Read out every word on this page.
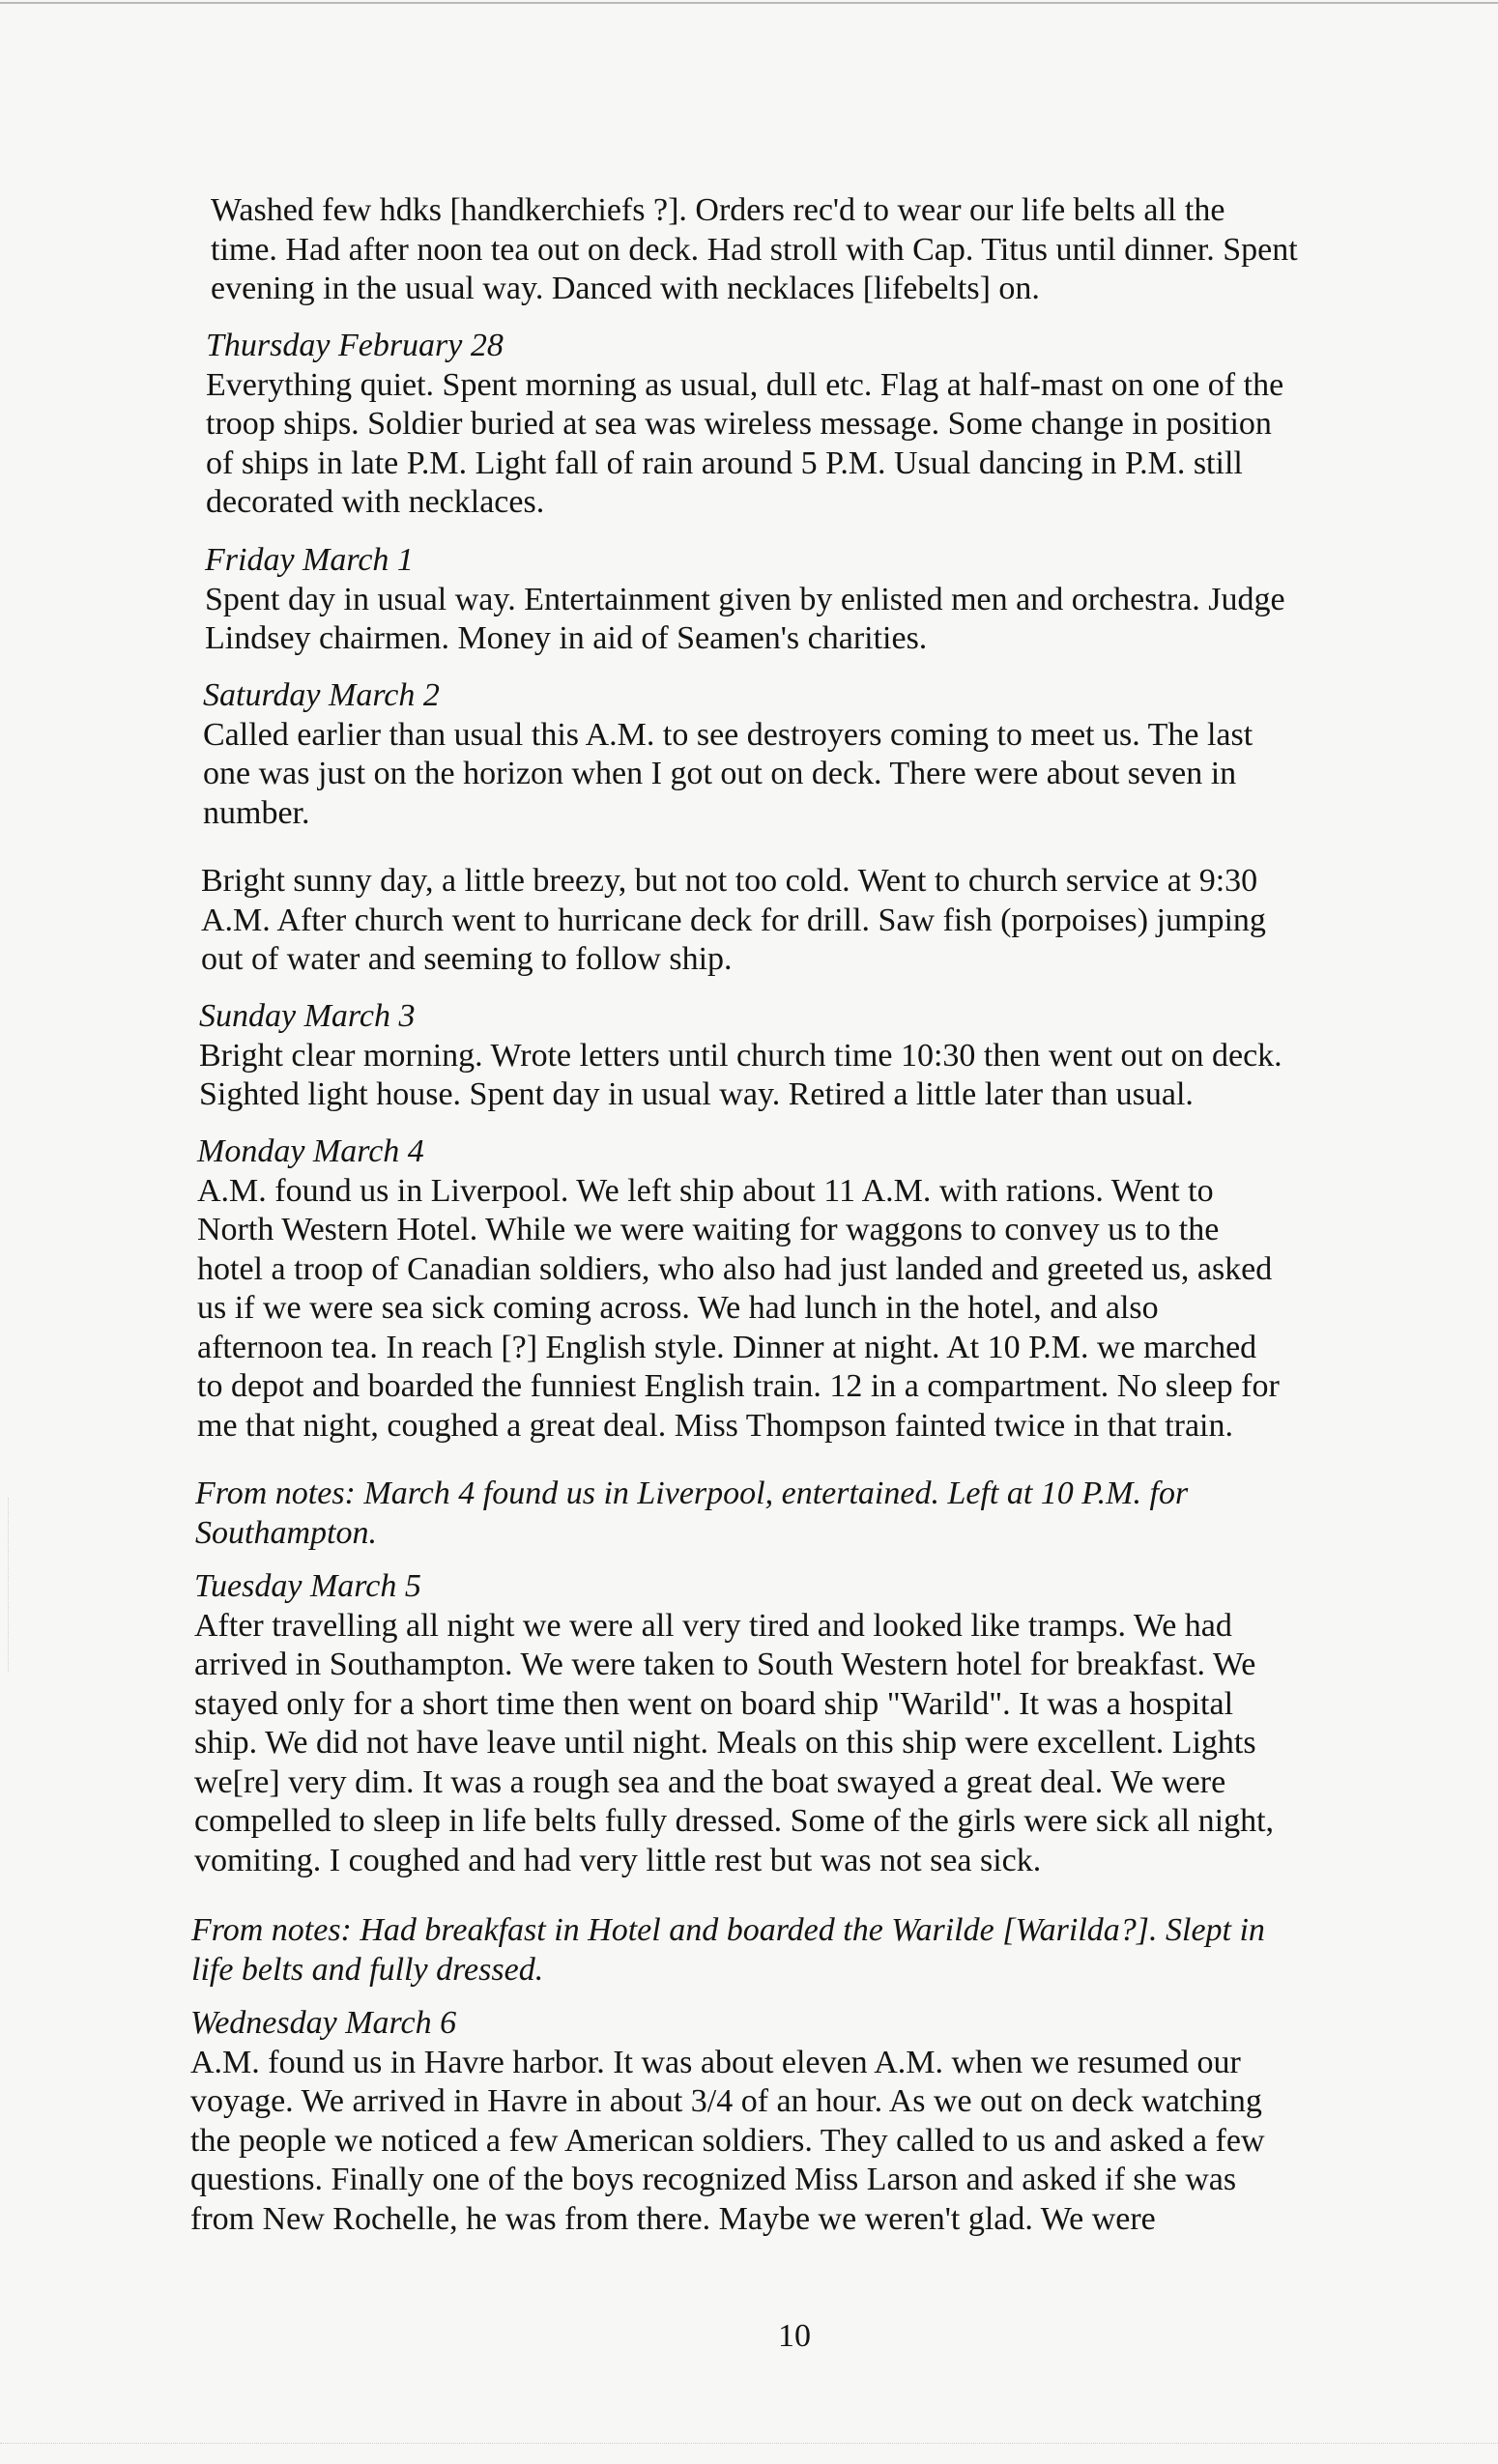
Washed few hdks [handkerchiefs ?]. Orders rec'd to wear our life belts all the
time. Had after noon tea out on deck. Had stroll with Cap. Titus until dinner. Spent
evening in the usual way. Danced with necklaces [lifebelts] on.
Thursday February 28
Everything quiet. Spent morning as usual, dull etc. Flag at half-mast on one of the
troop ships. Soldier buried at sea was wireless message. Some change in position
of ships in late P.M. Light fall of rain around 5 P.M. Usual dancing in P.M. still
decorated with necklaces.
Friday March 1
Spent day in usual way. Entertainment given by enlisted men and orchestra. Judge
Lindsey chairmen. Money in aid of Seamen's charities.
Saturday March 2
Called earlier than usual this A.M. to see destroyers coming to meet us. The last
one was just on the horizon when I got out on deck. There were about seven in
number.
Bright sunny day, a little breezy, but not too cold. Went to church service at 9:30
A.M. After church went to hurricane deck for drill. Saw fish (porpoises) jumping
out of water and seeming to follow ship.
Sunday March 3
Bright clear morning. Wrote letters until church time 10:30 then went out on deck.
Sighted light house. Spent day in usual way. Retired a little later than usual.
Monday March 4
A.M. found us in Liverpool. We left ship about 11 A.M. with rations. Went to
North Western Hotel. While we were waiting for waggons to convey us to the
hotel a troop of Canadian soldiers, who also had just landed and greeted us, asked
us if we were sea sick coming across. We had lunch in the hotel, and also
afternoon tea. In reach [?] English style. Dinner at night. At 10 P.M. we marched
to depot and boarded the funniest English train. 12 in a compartment. No sleep for
me that night, coughed a great deal. Miss Thompson fainted twice in that train.
From notes: March 4 found us in Liverpool, entertained. Left at 10 P.M. for
Southampton.
Tuesday March 5
After travelling all night we were all very tired and looked like tramps. We had
arrived in Southampton. We were taken to South Western hotel for breakfast. We
stayed only for a short time then went on board ship "Warild". It was a hospital
ship. We did not have leave until night. Meals on this ship were excellent. Lights
we[re] very dim. It was a rough sea and the boat swayed a great deal. We were
compelled to sleep in life belts fully dressed. Some of the girls were sick all night,
vomiting. I coughed and had very little rest but was not sea sick.
From notes: Had breakfast in Hotel and boarded the Warilde [Warilda?]. Slept in
life belts and fully dressed.
Wednesday March 6
A.M. found us in Havre harbor. It was about eleven A.M. when we resumed our
voyage. We arrived in Havre in about 3/4 of an hour. As we out on deck watching
the people we noticed a few American soldiers. They called to us and asked a few
questions. Finally one of the boys recognized Miss Larson and asked if she was
from New Rochelle, he was from there. Maybe we weren't glad. We were
10
